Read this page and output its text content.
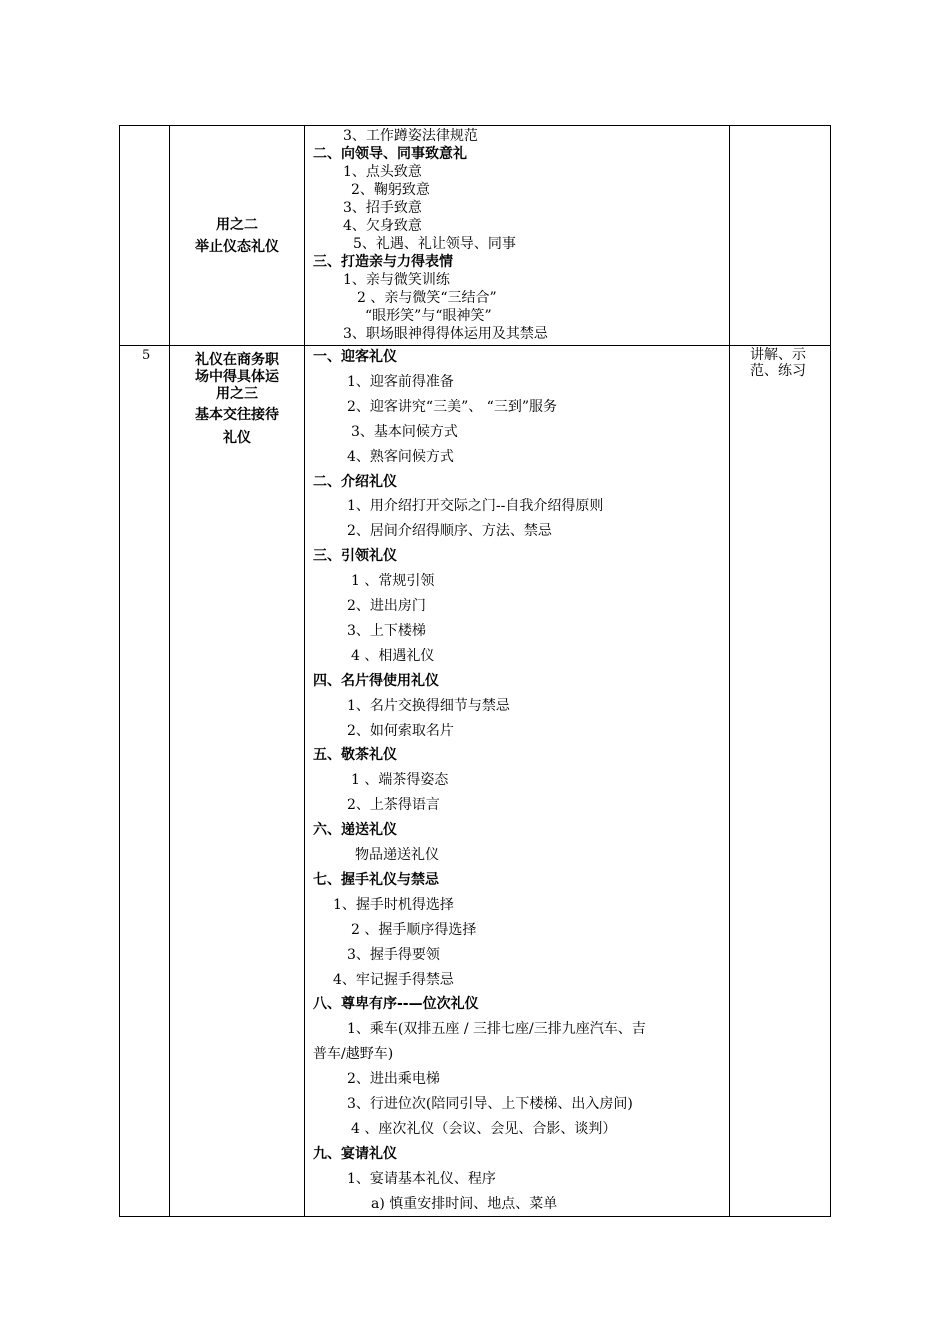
用之二
举止仪态礼仪
3、工作蹲姿法律规范
二、向领导、同事致意礼
1、点头致意
2、鞠躬致意
3、招手致意
4、欠身致意
5、礼遇、礼让领导、同事
三、打造亲与力得表情
1、亲与微笑训练
2 、亲与微笑“三结合”
“眼形笑”与“眼神笑”
3、职场眼神得得体运用及其禁忌
5	礼仪在商务职
场中得具体运
用之三
基本交往接待
礼仪
讲解、示
范、练习
一、迎客礼仪
1、迎客前得准备
2、迎客讲究“三美”、 “三到”服务
3、基本问候方式
4、熟客问候方式
二、介绍礼仪
1、用介绍打开交际之门--自我介绍得原则
2、居间介绍得顺序、方法、禁忌
三、引领礼仪
1 、常规引领
2、进出房门
3、上下楼梯
4 、相遇礼仪
四、名片得使用礼仪
1、名片交换得细节与禁忌
2、如何索取名片
五、敬茶礼仪
1 、端茶得姿态
2、上茶得语言
六、递送礼仪
物品递送礼仪
七、握手礼仪与禁忌
1、握手时机得选择
2 、握手顺序得选择
3、握手得要领
4、牢记握手得禁忌
八、尊卑有序--—位次礼仪
1、乘车(双排五座 / 三排七座/三排九座汽车、吉
普车/越野车)
2、进出乘电梯
3、行进位次(陪同引导、上下楼梯、出入房间)
4 、座次礼仪（会议、会见、合影、谈判）
九、宴请礼仪
1、宴请基本礼仪、程序
a) 慎重安排时间、地点、菜单
